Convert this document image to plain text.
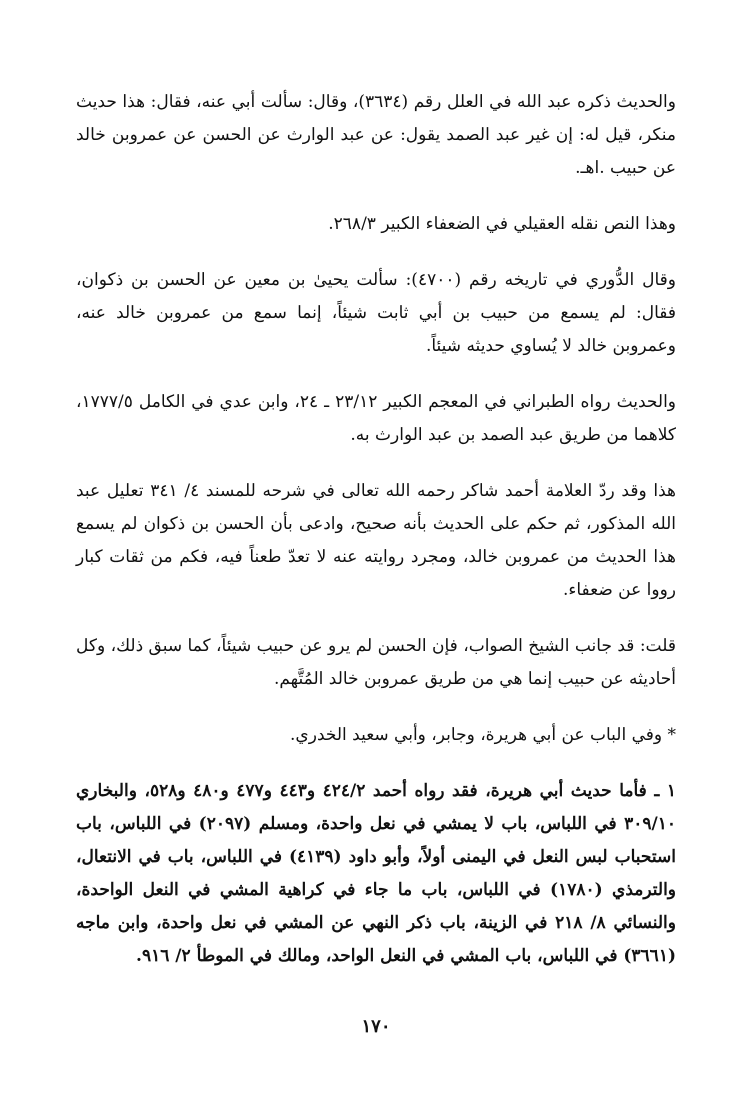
والحديث ذكره عبد الله في العلل رقم (٣٦٣٤)، وقال: سألت أبي عنه، فقال: هذا حديث منكر، قيل له: إن غير عبد الصمد يقول: عن عبد الوارث عن الحسن عن عمروبن خالد عن حبيب .اهـ.

وهذا النص نقله العقيلي في الضعفاء الكبير ٢٦٨/٣.

وقال الدُّوري في تاريخه رقم (٤٧٠٠): سألت يحيىٰ بن معين عن الحسن بن ذكوان، فقال: لم يسمع من حبيب بن أبي ثابت شيئاً، إنما سمع من عمروبن خالد عنه، وعمروبن خالد لا يُساوي حديثه شيئاً.

والحديث رواه الطبراني في المعجم الكبير ٢٣/١٢ ـ ٢٤، وابن عدي في الكامل ١٧٧٧/٥، كلاهما من طريق عبد الصمد بن عبد الوارث به.

هذا وقد ردّ العلامة أحمد شاكر رحمه الله تعالى في شرحه للمسند ٤/ ٣٤١ تعليل عبد الله المذكور، ثم حكم على الحديث بأنه صحيح، وادعى بأن الحسن بن ذكوان لم يسمع هذا الحديث من عمروبن خالد، ومجرد روايته عنه لا تعدّ طعناً فيه، فكم من ثقات كبار رووا عن ضعفاء.

قلت: قد جانب الشيخ الصواب، فإن الحسن لم يرو عن حبيب شيئاً، كما سبق ذلك، وكل أحاديثه عن حبيب إنما هي من طريق عمروبن خالد المُتَّهم.

* وفي الباب عن أبي هريرة، وجابر، وأبي سعيد الخدري.

١ ـ فأما حديث أبي هريرة، فقد رواه أحمد ٤٢٤/٢ و٤٤٣ و٤٧٧ و٤٨٠ و٥٢٨، والبخاري ٣٠٩/١٠ في اللباس، باب لا يمشي في نعل واحدة، ومسلم (٢٠٩٧) في اللباس، باب استحباب لبس النعل في اليمنى أولاً، وأبو داود (٤١٣٩) في اللباس، باب في الانتعال، والترمذي (١٧٨٠) في اللباس، باب ما جاء في كراهية المشي في النعل الواحدة، والنسائي ٨/ ٢١٨ في الزينة، باب ذكر النهي عن المشي في نعل واحدة، وابن ماجه (٣٦٦١) في اللباس، باب المشي في النعل الواحد، ومالك في الموطأ ٢/ ٩١٦.

١٧٠
